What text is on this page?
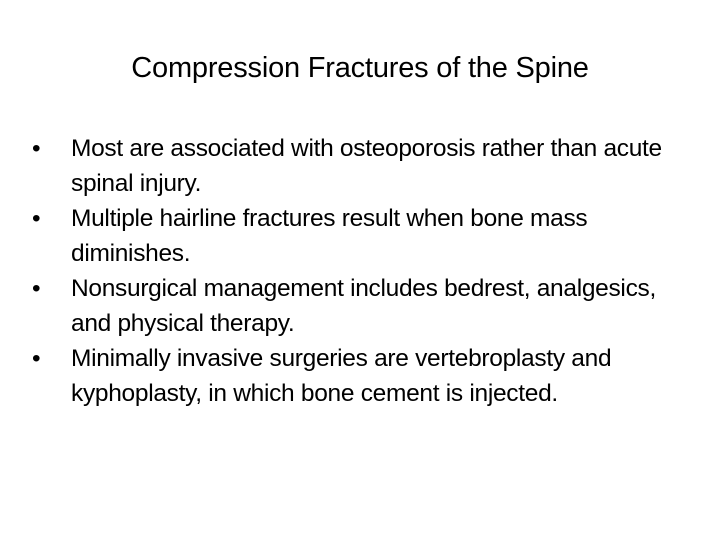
Compression Fractures of the Spine
•	Most are associated with osteoporosis rather than acute spinal injury.
•	Multiple hairline fractures result when bone mass diminishes.
•	Nonsurgical management includes bedrest, analgesics, and physical therapy.
•	Minimally invasive surgeries are vertebroplasty and kyphoplasty, in which bone cement is injected.
